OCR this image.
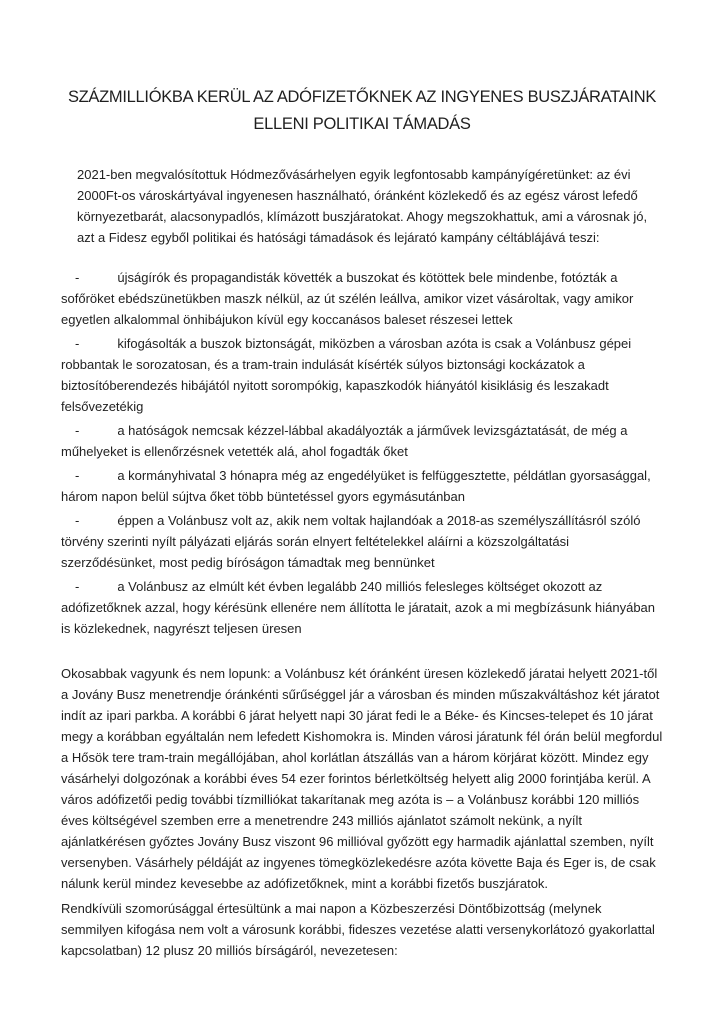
SZÁZMILLIÓKBA KERÜL AZ ADÓFIZETŐKNEK AZ INGYENES BUSZJÁRATAINK
ELLENI POLITIKAI TÁMADÁS

2021-ben megvalósítottuk Hódmezővásárhelyen egyik legfontosabb kampányígéretünket: az évi 2000Ft-os városkártyával ingyenesen használható, óránként közlekedő és az egész várost lefedő környezetbarát, alacsonypadlós, klímázott buszjáratokat. Ahogy megszokhattuk, ami a városnak jó, azt a Fidesz egyből politikai és hatósági támadások és lejárató kampány céltáblájává teszi:

-	újságírók és propagandisták követték a buszokat és kötöttek bele mindenbe, fotózták a sofőröket ebédszünetükben maszk nélkül, az út szélén leállva, amikor vizet vásároltak, vagy amikor egyetlen alkalommal önhibájukon kívül egy koccanásos baleset részesei lettek

-	kifogásolták a buszok biztonságát, miközben a városban azóta is csak a Volánbusz gépei robbantak le sorozatosan, és a tram-train indulását kísérték súlyos biztonsági kockázatok a biztosítóberendezés hibájától nyitott sorompókig, kapaszkodók hiányától kisiklásig és leszakadt felsővezetékig

-	a hatóságok nemcsak kézzel-lábbal akadályozták a járművek levizsgáztatását, de még a műhelyeket is ellenőrzésnek vetették alá, ahol fogadták őket

-	a kormányhivatal 3 hónapra még az engedélyüket is felfüggesztette, példátlan gyorsasággal, három napon belül sújtva őket több büntetéssel gyors egymásutánban

-	éppen a Volánbusz volt az, akik nem voltak hajlandóak a 2018-as személyszállításról szóló törvény szerinti nyílt pályázati eljárás során elnyert feltételekkel aláírni a közszolgáltatási szerződésünket, most pedig bíróságon támadtak meg bennünket

-	a Volánbusz az elmúlt két évben legalább 240 milliós felesleges költséget okozott az adófizetőknek azzal, hogy kérésünk ellenére nem állította le járatait, azok a mi megbízásunk hiányában is közlekednek, nagyrészt teljesen üresen

Okosabbak vagyunk és nem lopunk: a Volánbusz két óránként üresen közlekedő járatai helyett 2021-től a Jovány Busz menetrendje óránkénti sűrűséggel jár a városban és minden műszakváltáshoz két járatot indít az ipari parkba. A korábbi 6 járat helyett napi 30 járat fedi le a Béke- és Kincses-telepet és 10 járat megy a korábban egyáltalán nem lefedett Kishomokra is. Minden városi járatunk fél órán belül megfordul a Hősök tere tram-train megállójában, ahol korlátlan átszállás van a három körjárat között. Mindez egy vásárhelyi dolgozónak a korábbi éves 54 ezer forintos bérletköltség helyett alig 2000 forintjába kerül. A város adófizetői pedig további tízmilliókat takarítanak meg azóta is – a Volánbusz korábbi 120 milliós éves költségével szemben erre a menetrendre 243 milliós ajánlatot számolt nekünk, a nyílt ajánlatkérésen győztes Jovány Busz viszont 96 millióval győzött egy harmadik ajánlattal szemben, nyílt versenyben. Vásárhely példáját az ingyenes tömegközlekedésre azóta követte Baja és Eger is, de csak nálunk kerül mindez kevesebbe az adófizetőknek, mint a korábbi fizetős buszjáratok.

Rendkívüli szomorúsággal értesültünk a mai napon a Közbeszerzési Döntőbizottság (melynek semmilyen kifogása nem volt a városunk korábbi, fideszes vezetése alatti versenykorlátozó gyakorlattal kapcsolatban) 12 plusz 20 milliós bírságáról, nevezetesen:
